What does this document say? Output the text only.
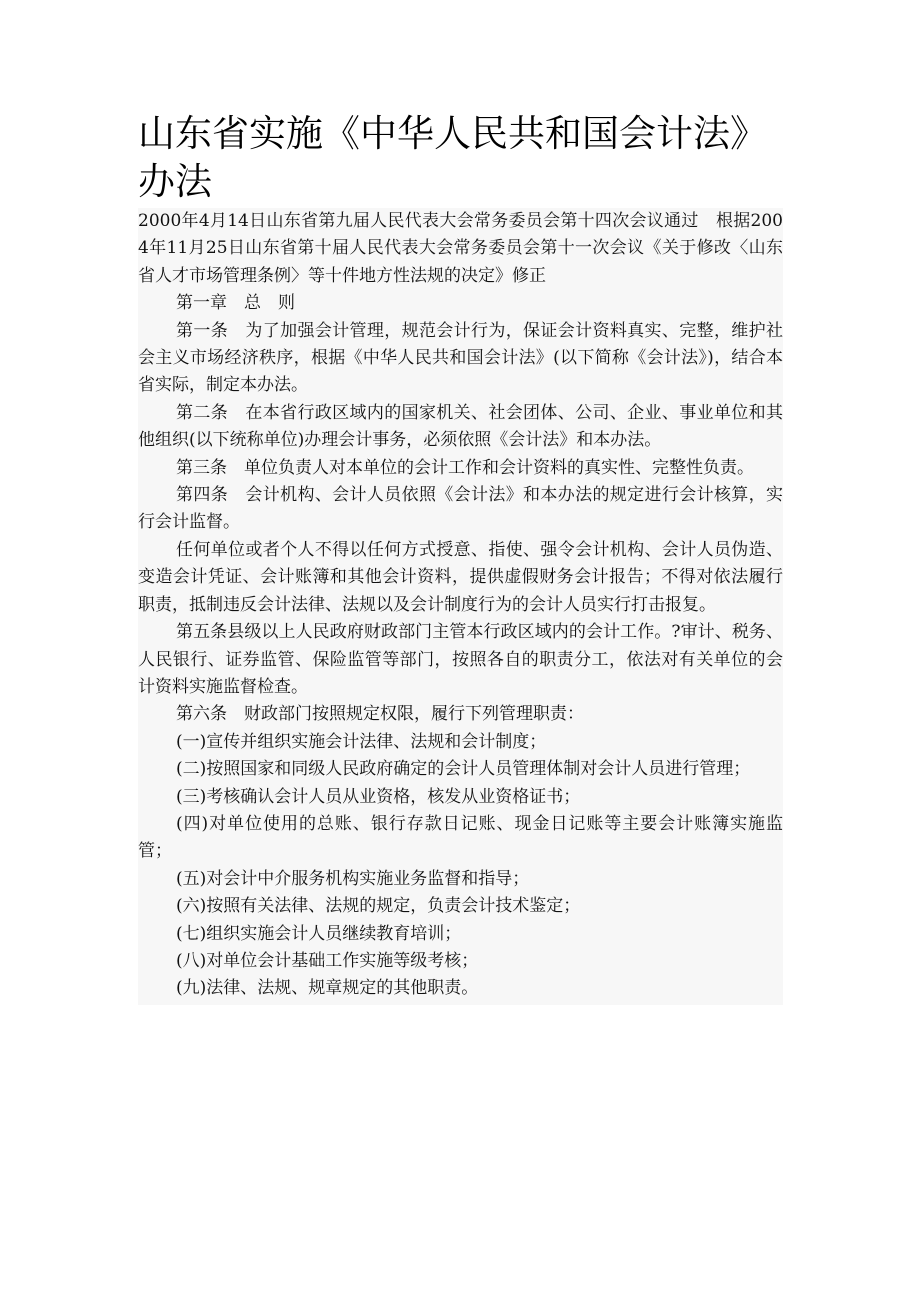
山东省实施《中华人民共和国会计法》办法

2000年4月14日山东省第九届人民代表大会常务委员会第十四次会议通过　根据2004年11月25日山东省第十届人民代表大会常务委员会第十一次会议《关于修改〈山东省人才市场管理条例〉等十件地方性法规的决定》修正

第一章　总　则

第一条　为了加强会计管理，规范会计行为，保证会计资料真实、完整，维护社会主义市场经济秩序，根据《中华人民共和国会计法》(以下简称《会计法》)，结合本省实际，制定本办法。

第二条　在本省行政区域内的国家机关、社会团体、公司、企业、事业单位和其他组织(以下统称单位)办理会计事务，必须依照《会计法》和本办法。

第三条　单位负责人对本单位的会计工作和会计资料的真实性、完整性负责。

第四条　会计机构、会计人员依照《会计法》和本办法的规定进行会计核算，实行会计监督。

任何单位或者个人不得以任何方式授意、指使、强令会计机构、会计人员伪造、变造会计凭证、会计账簿和其他会计资料，提供虚假财务会计报告；不得对依法履行职责，抵制违反会计法律、法规以及会计制度行为的会计人员实行打击报复。

第五条县级以上人民政府财政部门主管本行政区域内的会计工作。?审计、税务、人民银行、证券监管、保险监管等部门，按照各自的职责分工，依法对有关单位的会计资料实施监督检查。

第六条　财政部门按照规定权限，履行下列管理职责：

(一)宣传并组织实施会计法律、法规和会计制度；

(二)按照国家和同级人民政府确定的会计人员管理体制对会计人员进行管理；

(三)考核确认会计人员从业资格，核发从业资格证书；

(四)对单位使用的总账、银行存款日记账、现金日记账等主要会计账簿实施监管；

(五)对会计中介服务机构实施业务监督和指导；

(六)按照有关法律、法规的规定，负责会计技术鉴定；

(七)组织实施会计人员继续教育培训；

(八)对单位会计基础工作实施等级考核；

(九)法律、法规、规章规定的其他职责。
